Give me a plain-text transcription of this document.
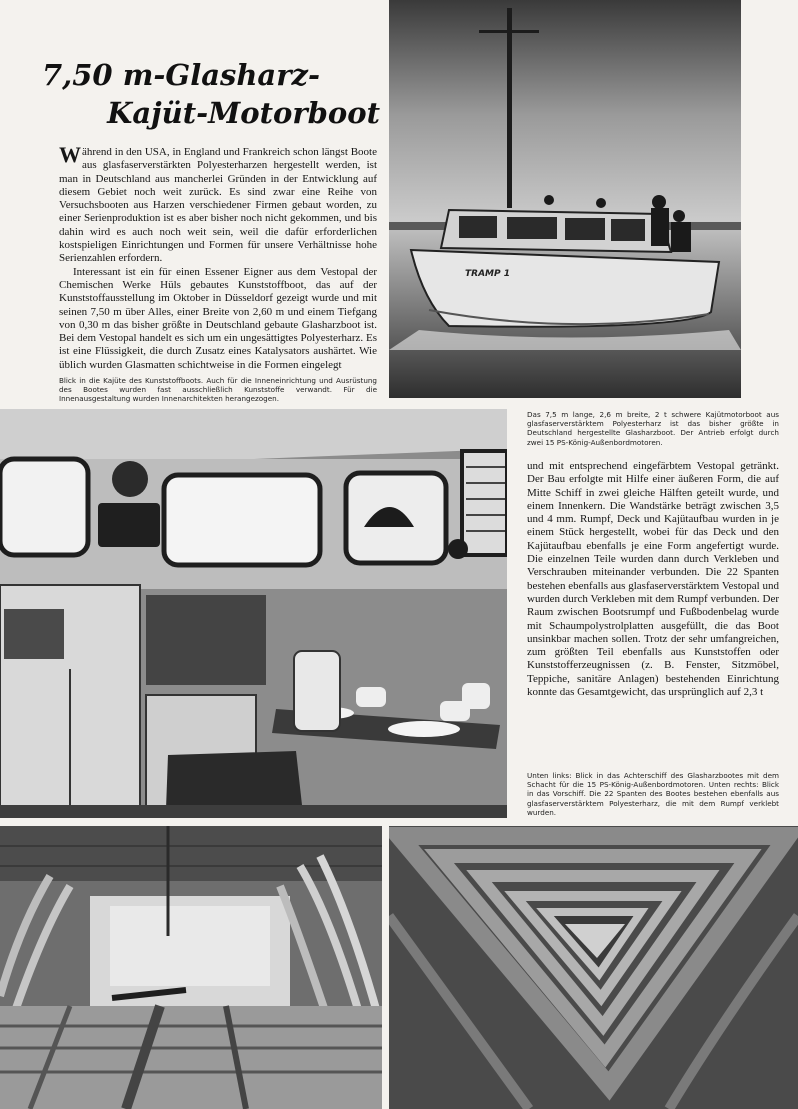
7,50 m-Glasharz-
Kajüt-Motorboot

Während in den USA, in England und Frankreich schon längst Boote aus glasfaserverstärkten Polyesterharzen hergestellt werden, ist man in Deutschland aus mancherlei Gründen in der Entwicklung auf diesem Gebiet noch weit zurück. Es sind zwar eine Reihe von Versuchsbooten aus Harzen verschiedener Firmen gebaut worden, zu einer Serienproduktion ist es aber bisher noch nicht gekommen, und bis dahin wird es auch noch weit sein, weil die dafür erforderlichen kostspieligen Einrichtungen und Formen für unsere Verhältnisse hohe Serienzahlen erfordern.

Interessant ist ein für einen Essener Eigner aus dem Vestopal der Chemischen Werke Hüls gebautes Kunststoffboot, das auf der Kunststoffausstellung im Oktober in Düsseldorf gezeigt wurde und mit seinen 7,50 m über Alles, einer Breite von 2,60 m und einem Tiefgang von 0,30 m das bisher größte in Deutschland gebaute Glasharzboot ist. Bei dem Vestopal handelt es sich um ein ungesättigtes Polyesterharz. Es ist eine Flüssigkeit, die durch Zusatz eines Katalysators aushärtet. Wie üblich wurden Glasmatten schichtweise in die Formen eingelegt

TRAMP 1
Blick in die Kajüte des Kunststoffboots. Auch für die Inneneinrichtung und Ausrüstung des Bootes wurden fast ausschließlich Kunststoffe verwandt. Für die Innenausgestaltung wurden Innenarchitekten herangezogen.
Das 7,5 m lange, 2,6 m breite, 2 t schwere Kajütmotorboot aus glasfaserverstärktem Polyesterharz ist das bisher größte in Deutschland hergestellte Glasharzboot. Der Antrieb erfolgt durch zwei 15 PS-König-Außenbordmotoren.
und mit entsprechend eingefärbtem Vestopal getränkt. Der Bau erfolgte mit Hilfe einer äußeren Form, die auf Mitte Schiff in zwei gleiche Hälften geteilt wurde, und einem Innenkern. Die Wandstärke beträgt zwischen 3,5 und 4 mm. Rumpf, Deck und Kajütaufbau wurden in je einem Stück hergestellt, wobei für das Deck und den Kajütaufbau ebenfalls je eine Form angefertigt wurde. Die einzelnen Teile wurden dann durch Verkleben und Verschrauben miteinander verbunden. Die 22 Spanten bestehen ebenfalls aus glasfaserverstärktem Vestopal und wurden durch Verkleben mit dem Rumpf verbunden. Der Raum zwischen Bootsrumpf und Fußbodenbelag wurde mit Schaumpolystrolplatten ausgefüllt, die das Boot unsinkbar machen sollen. Trotz der sehr umfangreichen, zum größten Teil ebenfalls aus Kunststoffen oder Kunststofferzeugnissen (z. B. Fenster, Sitzmöbel, Teppiche, sanitäre Anlagen) bestehenden Einrichtung konnte das Gesamtgewicht, das ursprünglich auf 2,3 t
Unten links: Blick in das Achterschiff des Glasharzbootes mit dem Schacht für die 15 PS-König-Außenbordmotoren. Unten rechts: Blick in das Vorschiff. Die 22 Spanten des Bootes bestehen ebenfalls aus glasfaserverstärktem Polyesterharz, die mit dem Rumpf verklebt wurden.
